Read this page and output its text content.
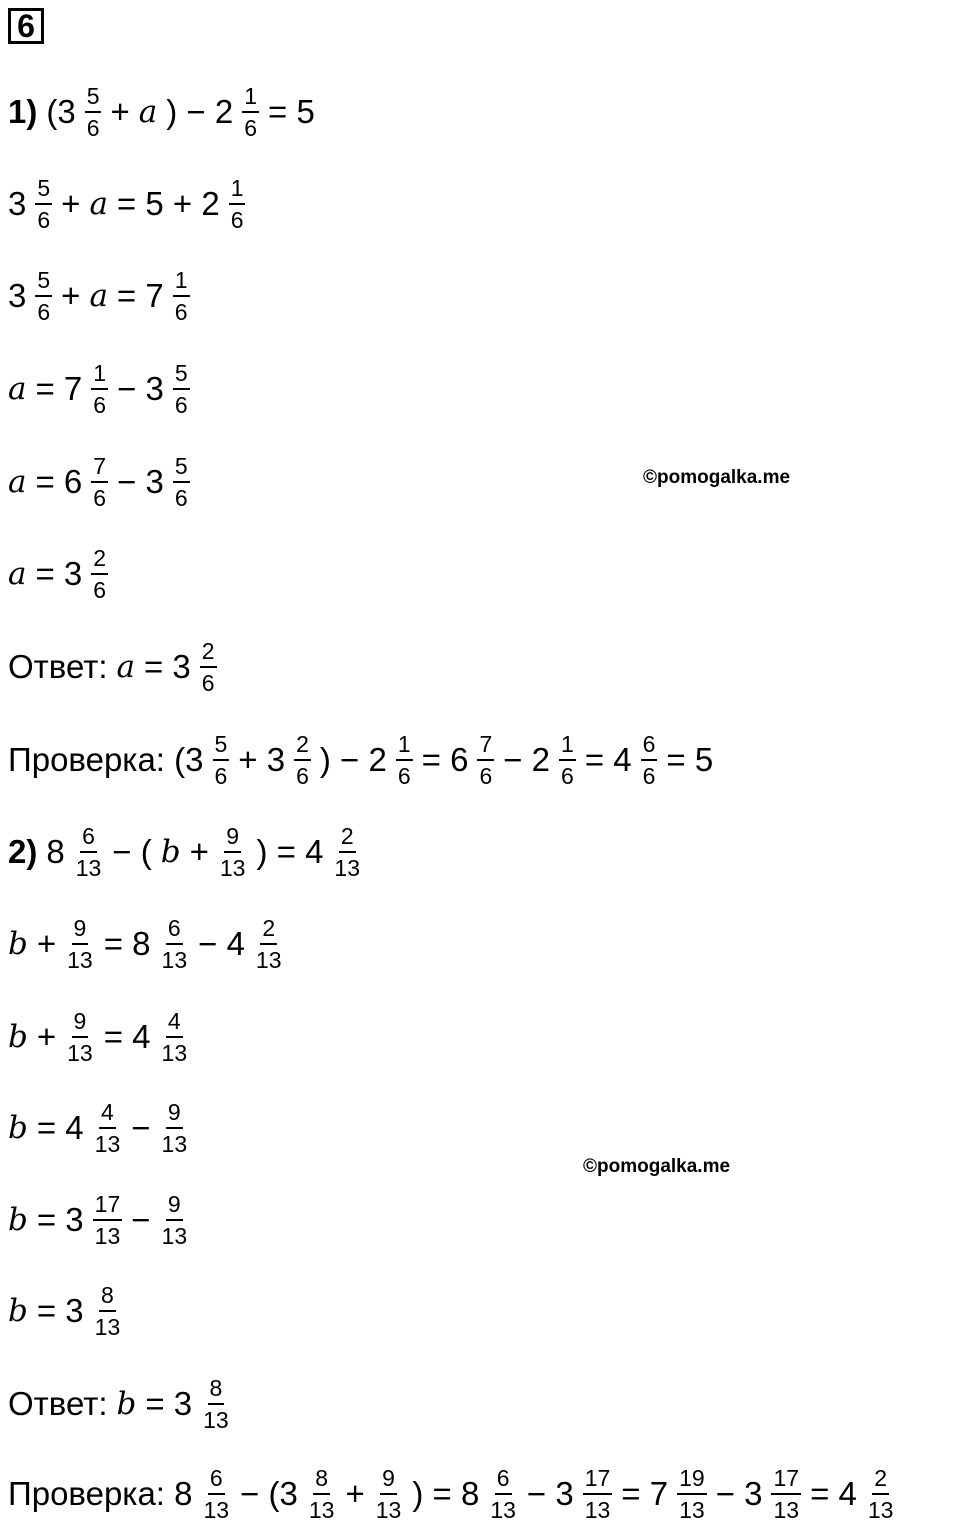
6
1) ($3 \frac{5}{6} + a$ ) − $2 \frac{1}{6} = 5$
$3 \frac{5}{6} + a = 5 + 2 \frac{1}{6}$
$3 \frac{5}{6} + a = 7 \frac{1}{6}$
$a = 7 \frac{1}{6} - 3 \frac{5}{6}$
$a = 6 \frac{7}{6} - 3 \frac{5}{6}$
$a = 3 \frac{2}{6}$
Ответ: $a = 3 \frac{2}{6}$
Проверка: ($3 \frac{5}{6} + 3 \frac{2}{6}$ ) − $2 \frac{1}{6} = 6 \frac{7}{6} - 2 \frac{1}{6} = 4 \frac{6}{6} = 5$
2) $8 \frac{6}{13}$ − ( $b + \frac{9}{13}$ ) = $4 \frac{2}{13}$
$b + \frac{9}{13} = 8 \frac{6}{13} - 4 \frac{2}{13}$
$b + \frac{9}{13} = 4 \frac{4}{13}$
$b = 4 \frac{4}{13} - \frac{9}{13}$
$b = 3 \frac{17}{13} - \frac{9}{13}$
$b = 3 \frac{8}{13}$
Ответ: $b = 3 \frac{8}{13}$
Проверка: $8 \frac{6}{13} - (3 \frac{8}{13} + \frac{9}{13}$ ) = $8 \frac{6}{13} - 3 \frac{17}{13} = 7 \frac{19}{13} - 3 \frac{17}{13} = 4 \frac{2}{13}$
©pomogalka.me
©pomogalka.me
